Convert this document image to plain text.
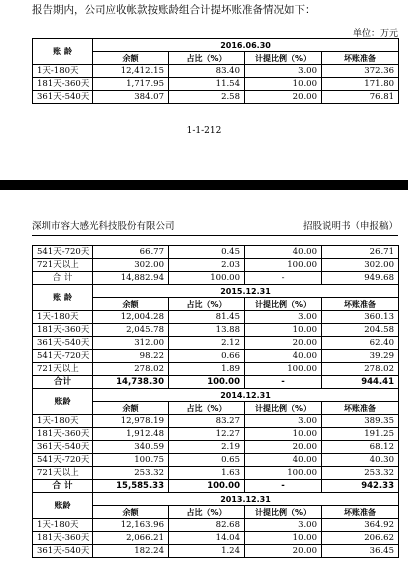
报告期内，公司应收帐款按账龄组合计提坏账准备情况如下：
单位：万元
账 龄	2016.06.30			
	余额	占比（%）	计提比例（%）	坏账准备
1天-180天	12,412.15	83.40	3.00	372.36
181天-360天	1,717.95	11.54	10.00	171.80
361天-540天	384.07	2.58	20.00	76.81
1-1-212
深圳市容大感光科技股份有限公司	招股说明书（申报稿）
541天-720天	66.77	0.45	40.00	26.71
721天以上	302.00	2.03	100.00	302.00
合 计	14,882.94	100.00	-	949.68
账 龄	2015.12.31			
	余额	占比（%）	计提比例（%）	坏账准备
1天-180天	12,004.28	81.45	3.00	360.13
181天-360天	2,045.78	13.88	10.00	204.58
361天-540天	312.00	2.12	20.00	62.40
541天-720天	98.22	0.66	40.00	39.29
721天以上	278.02	1.89	100.00	278.02
合计	14,738.30	100.00	-	944.41
账龄	2014.12.31			
	余额	占比（%）	计提比例（%）	坏账准备
1天-180天	12,978.19	83.27	3.00	389.35
181天-360天	1,912.48	12.27	10.00	191.25
361天-540天	340.59	2.19	20.00	68.12
541天-720天	100.75	0.65	40.00	40.30
721天以上	253.32	1.63	100.00	253.32
合 计	15,585.33	100.00	-	942.33
账龄	2013.12.31			
	余额	占比（%）	计提比例（%）	坏账准备
1天-180天	12,163.96	82.68	3.00	364.92
181天-360天	2,066.21	14.04	10.00	206.62
361天-540天	182.24	1.24	20.00	36.45
